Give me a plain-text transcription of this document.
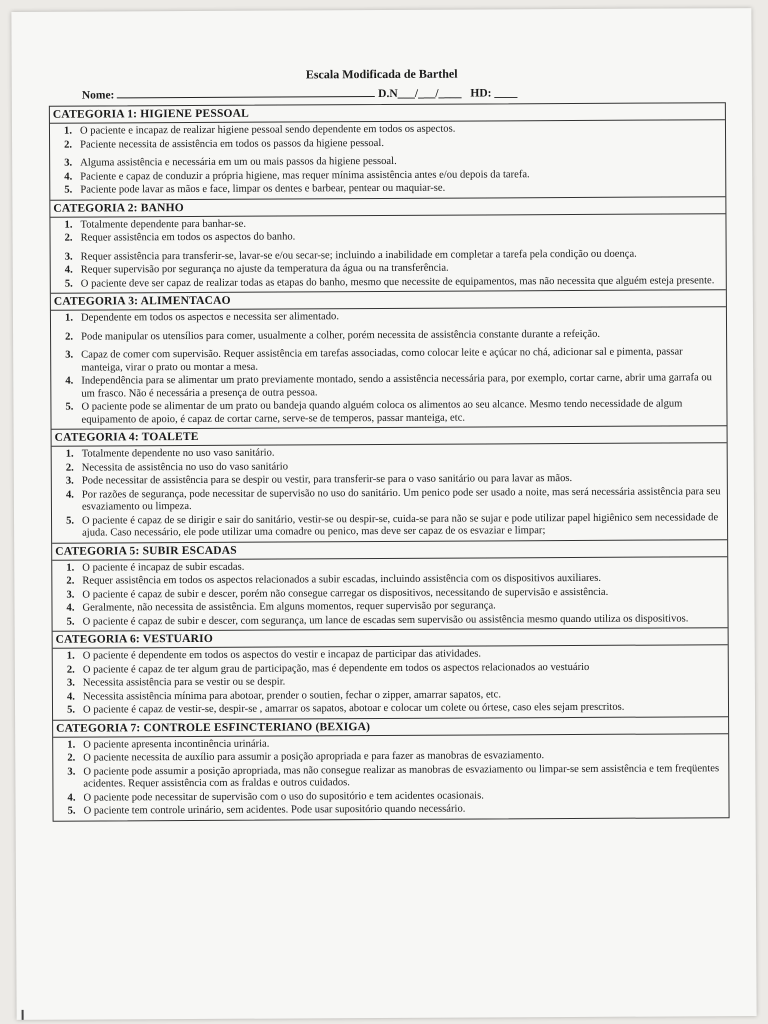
Escala Modificada de Barthel
Nome:	D.N___/___/____ HD: ____
CATEGORIA 1: HIGIENE PESSOAL
1. O paciente e incapaz de realizar higiene pessoal sendo dependente em todos os aspectos.
2. Paciente necessita de assistência em todos os passos da higiene pessoal.
3. Alguma assistência e necessária em um ou mais passos da higiene pessoal.
4. Paciente e capaz de conduzir a própria higiene, mas requer mínima assistência antes e/ou depois da tarefa.
5. Paciente pode lavar as mãos e face, limpar os dentes e barbear, pentear ou maquiar-se.
CATEGORIA 2: BANHO
1. Totalmente dependente para banhar-se.
2. Requer assistência em todos os aspectos do banho.
3. Requer assistência para transferir-se, lavar-se e/ou secar-se; incluindo a inabilidade em completar a tarefa pela condição ou doença.
4. Requer supervisão por segurança no ajuste da temperatura da água ou na transferência.
5. O paciente deve ser capaz de realizar todas as etapas do banho, mesmo que necessite de equipamentos, mas não necessita que alguém esteja presente.
CATEGORIA 3: ALIMENTACAO
1. Dependente em todos os aspectos e necessita ser alimentado.
2. Pode manipular os utensílios para comer, usualmente a colher, porém necessita de assistência constante durante a refeição.
3. Capaz de comer com supervisão. Requer assistência em tarefas associadas, como colocar leite e açúcar no chá, adicionar sal e pimenta, passar manteiga, virar o prato ou montar a mesa.
4. Independência para se alimentar um prato previamente montado, sendo a assistência necessária para, por exemplo, cortar carne, abrir uma garrafa ou um frasco. Não é necessária a presença de outra pessoa.
5. O paciente pode se alimentar de um prato ou bandeja quando alguém coloca os alimentos ao seu alcance. Mesmo tendo necessidade de algum equipamento de apoio, é capaz de cortar carne, serve-se de temperos, passar manteiga, etc.
CATEGORIA 4: TOALETE
1. Totalmente dependente no uso vaso sanitário.
2. Necessita de assistência no uso do vaso sanitário
3. Pode necessitar de assistência para se despir ou vestir, para transferir-se para o vaso sanitário ou para lavar as mãos.
4. Por razões de segurança, pode necessitar de supervisão no uso do sanitário. Um penico pode ser usado a noite, mas será necessária assistência para seu esvaziamento ou limpeza.
5. O paciente é capaz de se dirigir e sair do sanitário, vestir-se ou despir-se, cuida-se para não se sujar e pode utilizar papel higiênico sem necessidade de ajuda. Caso necessário, ele pode utilizar uma comadre ou penico, mas deve ser capaz de os esvaziar e limpar;
CATEGORIA 5: SUBIR ESCADAS
1. O paciente é incapaz de subir escadas.
2. Requer assistência em todos os aspectos relacionados a subir escadas, incluindo assistência com os dispositivos auxiliares.
3. O paciente é capaz de subir e descer, porém não consegue carregar os dispositivos, necessitando de supervisão e assistência.
4. Geralmente, não necessita de assistência. Em alguns momentos, requer supervisão por segurança.
5. O paciente é capaz de subir e descer, com segurança, um lance de escadas sem supervisão ou assistência mesmo quando utiliza os dispositivos.
CATEGORIA 6: VESTUARIO
1. O paciente é dependente em todos os aspectos do vestir e incapaz de participar das atividades.
2. O paciente é capaz de ter algum grau de participação, mas é dependente em todos os aspectos relacionados ao vestuário
3. Necessita assistência para se vestir ou se despir.
4. Necessita assistência mínima para abotoar, prender o soutien, fechar o zipper, amarrar sapatos, etc.
5. O paciente é capaz de vestir-se, despir-se , amarrar os sapatos, abotoar e colocar um colete ou órtese, caso eles sejam prescritos.
CATEGORIA 7: CONTROLE ESFINCTERIANO (BEXIGA)
1. O paciente apresenta incontinência urinária.
2. O paciente necessita de auxílio para assumir a posição apropriada e para fazer as manobras de esvaziamento.
3. O paciente pode assumir a posição apropriada, mas não consegue realizar as manobras de esvaziamento ou limpar-se sem assistência e tem freqüentes acidentes. Requer assistência com as fraldas e outros cuidados.
4. O paciente pode necessitar de supervisão com o uso do supositório e tem acidentes ocasionais.
5. O paciente tem controle urinário, sem acidentes. Pode usar supositório quando necessário.
